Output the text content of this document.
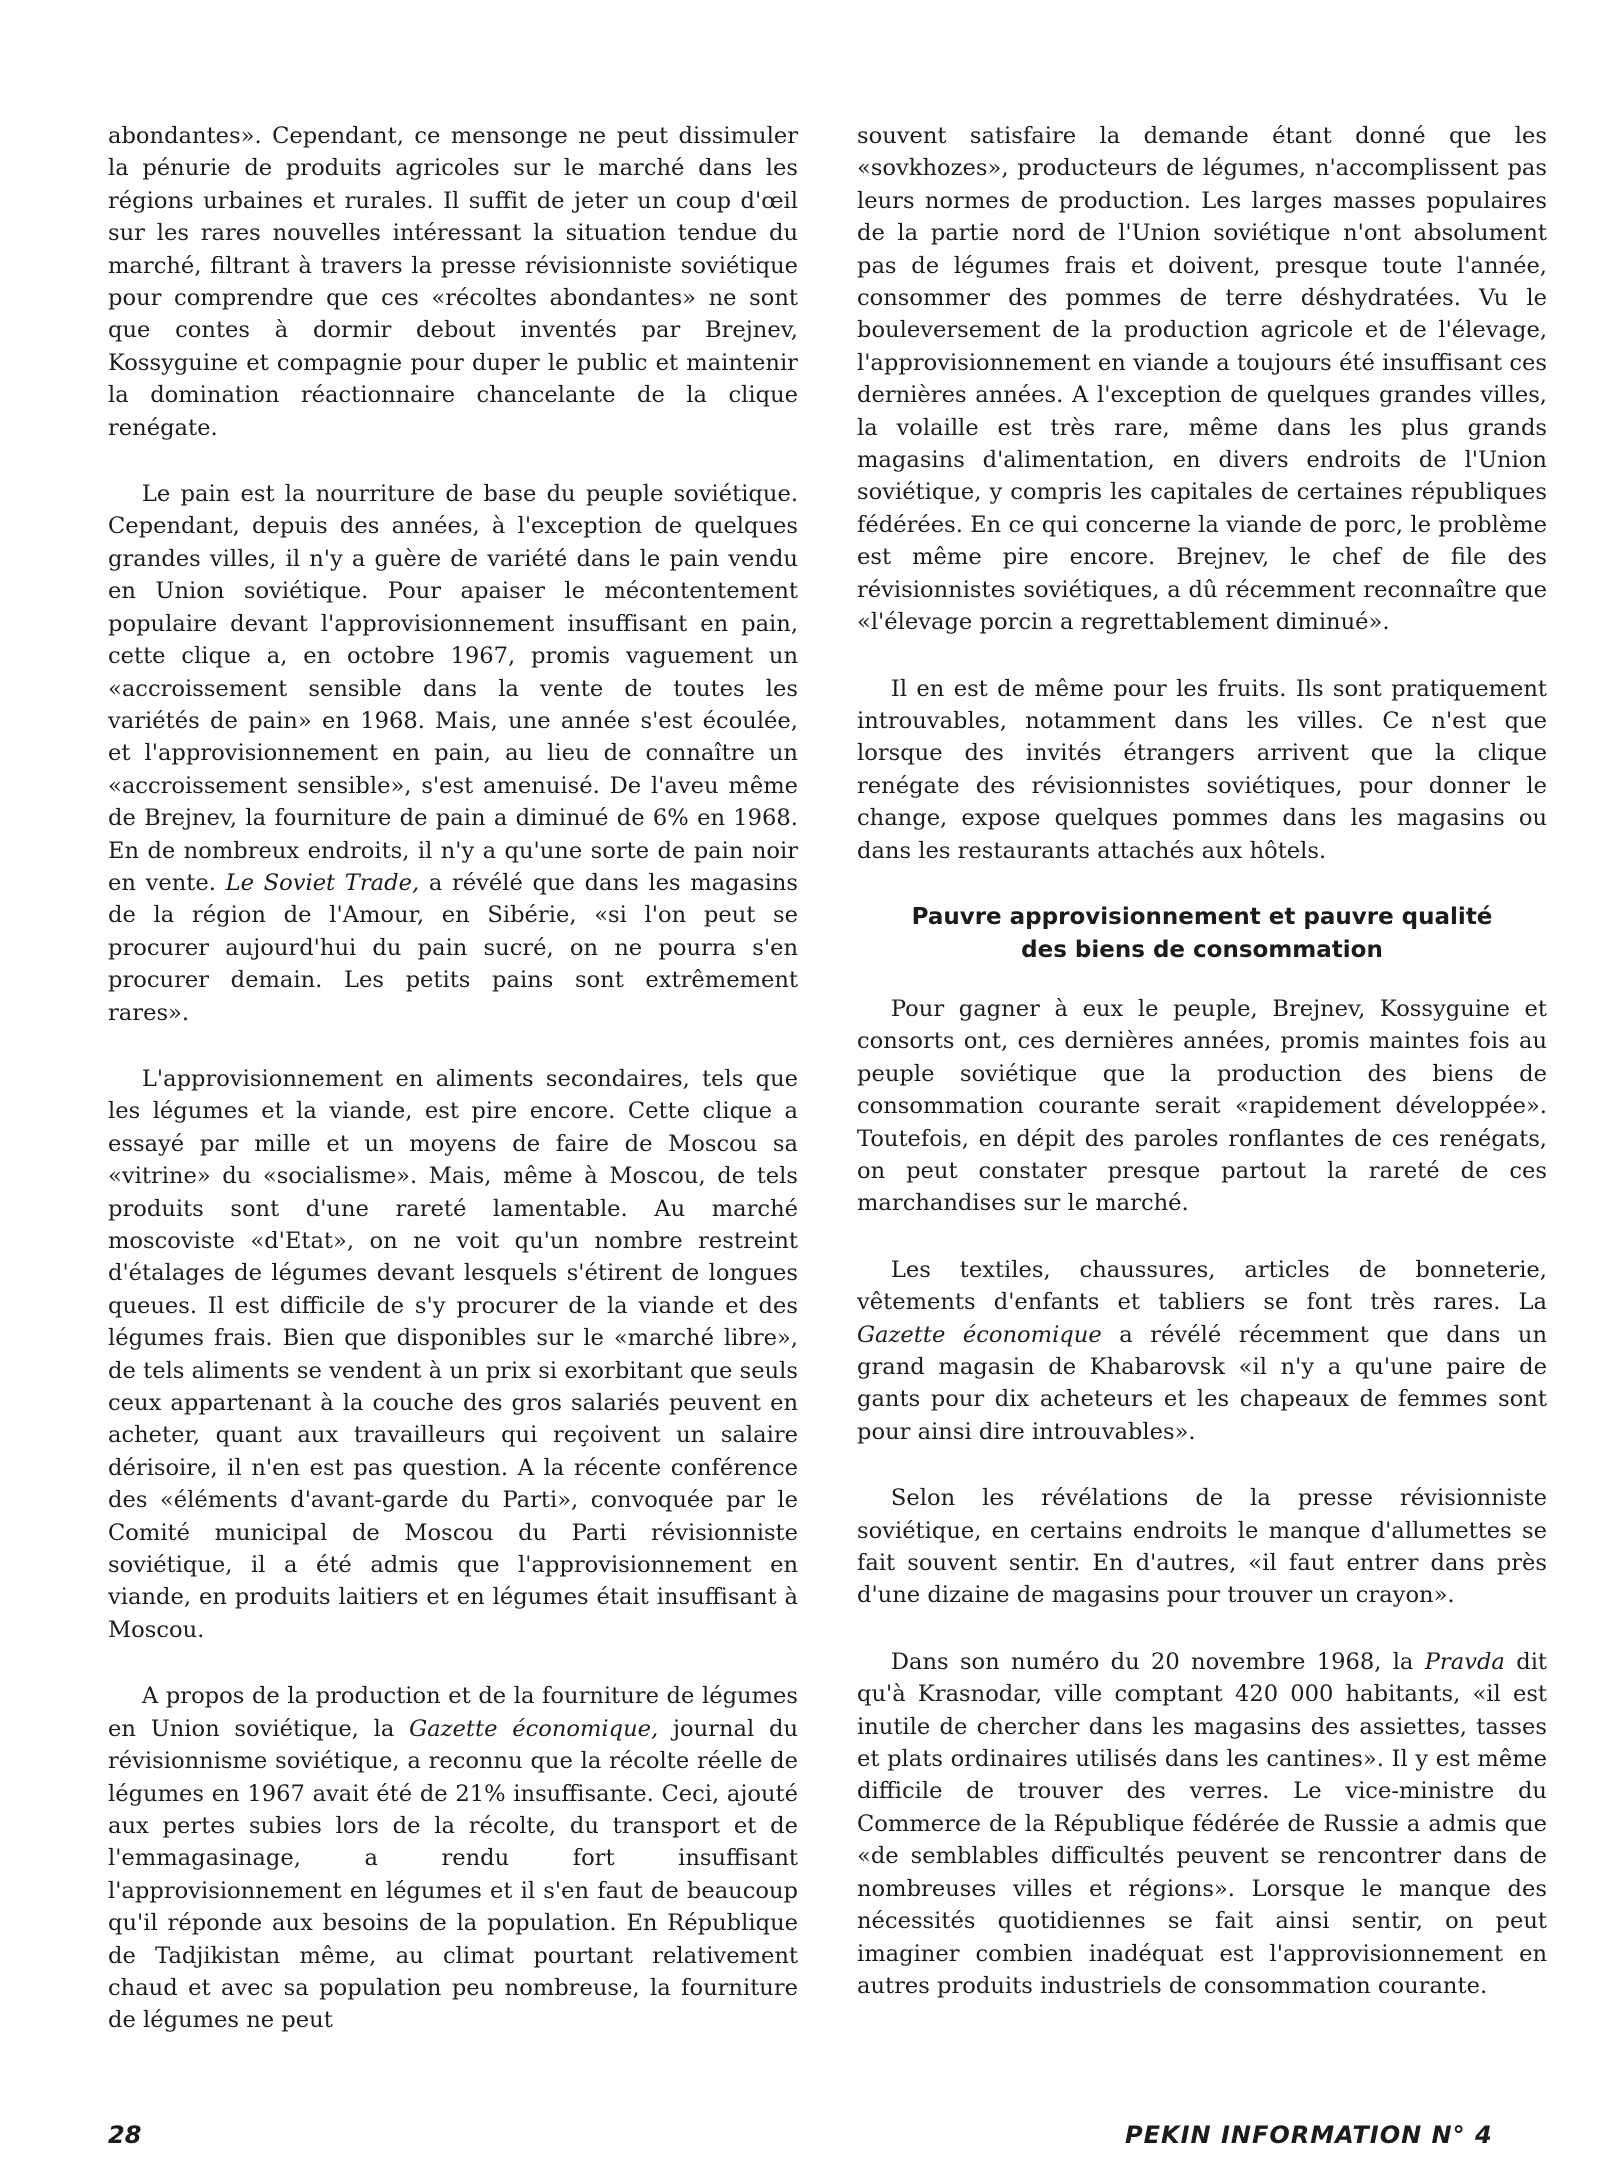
abondantes». Cependant, ce mensonge ne peut dissimuler la pénurie de produits agricoles sur le marché dans les régions urbaines et rurales. Il suffit de jeter un coup d'œil sur les rares nouvelles intéressant la situation tendue du marché, filtrant à travers la presse révisionniste soviétique pour comprendre que ces «récoltes abondantes» ne sont que contes à dormir debout inventés par Brejnev, Kossyguine et compagnie pour duper le public et maintenir la domination réactionnaire chancelante de la clique renégate.

Le pain est la nourriture de base du peuple soviétique. Cependant, depuis des années, à l'exception de quelques grandes villes, il n'y a guère de variété dans le pain vendu en Union soviétique. Pour apaiser le mécontentement populaire devant l'approvisionnement insuffisant en pain, cette clique a, en octobre 1967, promis vaguement un «accroissement sensible dans la vente de toutes les variétés de pain» en 1968. Mais, une année s'est écoulée, et l'approvisionnement en pain, au lieu de connaître un «accroissement sensible», s'est amenuisé. De l'aveu même de Brejnev, la fourniture de pain a diminué de 6% en 1968. En de nombreux endroits, il n'y a qu'une sorte de pain noir en vente. Le Soviet Trade, a révélé que dans les magasins de la région de l'Amour, en Sibérie, «si l'on peut se procurer aujourd'hui du pain sucré, on ne pourra s'en procurer demain. Les petits pains sont extrêmement rares».

L'approvisionnement en aliments secondaires, tels que les légumes et la viande, est pire encore. Cette clique a essayé par mille et un moyens de faire de Moscou sa «vitrine» du «socialisme». Mais, même à Moscou, de tels produits sont d'une rareté lamentable. Au marché moscoviste «d'Etat», on ne voit qu'un nombre restreint d'étalages de légumes devant lesquels s'étirent de longues queues. Il est difficile de s'y procurer de la viande et des légumes frais. Bien que disponibles sur le «marché libre», de tels aliments se vendent à un prix si exorbitant que seuls ceux appartenant à la couche des gros salariés peuvent en acheter, quant aux travailleurs qui reçoivent un salaire dérisoire, il n'en est pas question. A la récente conférence des «éléments d'avant-garde du Parti», convoquée par le Comité municipal de Moscou du Parti révisionniste soviétique, il a été admis que l'approvisionnement en viande, en produits laitiers et en légumes était insuffisant à Moscou.

A propos de la production et de la fourniture de légumes en Union soviétique, la Gazette économique, journal du révisionnisme soviétique, a reconnu que la récolte réelle de légumes en 1967 avait été de 21% insuffisante. Ceci, ajouté aux pertes subies lors de la récolte, du transport et de l'emmagasinage, a rendu fort insuffisant l'approvisionnement en légumes et il s'en faut de beaucoup qu'il réponde aux besoins de la population. En République de Tadjikistan même, au climat pourtant relativement chaud et avec sa population peu nombreuse, la fourniture de légumes ne peut

souvent satisfaire la demande étant donné que les «sovkhozes», producteurs de légumes, n'accomplissent pas leurs normes de production. Les larges masses populaires de la partie nord de l'Union soviétique n'ont absolument pas de légumes frais et doivent, presque toute l'année, consommer des pommes de terre déshydratées. Vu le bouleversement de la production agricole et de l'élevage, l'approvisionnement en viande a toujours été insuffisant ces dernières années. A l'exception de quelques grandes villes, la volaille est très rare, même dans les plus grands magasins d'alimentation, en divers endroits de l'Union soviétique, y compris les capitales de certaines républiques fédérées. En ce qui concerne la viande de porc, le problème est même pire encore. Brejnev, le chef de file des révisionnistes soviétiques, a dû récemment reconnaître que «l'élevage porcin a regrettablement diminué».

Il en est de même pour les fruits. Ils sont pratiquement introuvables, notamment dans les villes. Ce n'est que lorsque des invités étrangers arrivent que la clique renégate des révisionnistes soviétiques, pour donner le change, expose quelques pommes dans les magasins ou dans les restaurants attachés aux hôtels.

Pauvre approvisionnement et pauvre qualité
des biens de consommation

Pour gagner à eux le peuple, Brejnev, Kossyguine et consorts ont, ces dernières années, promis maintes fois au peuple soviétique que la production des biens de consommation courante serait «rapidement développée». Toutefois, en dépit des paroles ronflantes de ces renégats, on peut constater presque partout la rareté de ces marchandises sur le marché.

Les textiles, chaussures, articles de bonneterie, vêtements d'enfants et tabliers se font très rares. La Gazette économique a révélé récemment que dans un grand magasin de Khabarovsk «il n'y a qu'une paire de gants pour dix acheteurs et les chapeaux de femmes sont pour ainsi dire introuvables».

Selon les révélations de la presse révisionniste soviétique, en certains endroits le manque d'allumettes se fait souvent sentir. En d'autres, «il faut entrer dans près d'une dizaine de magasins pour trouver un crayon».

Dans son numéro du 20 novembre 1968, la Pravda dit qu'à Krasnodar, ville comptant 420 000 habitants, «il est inutile de chercher dans les magasins des assiettes, tasses et plats ordinaires utilisés dans les cantines». Il y est même difficile de trouver des verres. Le vice-ministre du Commerce de la République fédérée de Russie a admis que «de semblables difficultés peuvent se rencontrer dans de nombreuses villes et régions». Lorsque le manque des nécessités quotidiennes se fait ainsi sentir, on peut imaginer combien inadéquat est l'approvisionnement en autres produits industriels de consommation courante.

28	PEKIN INFORMATION N° 4
